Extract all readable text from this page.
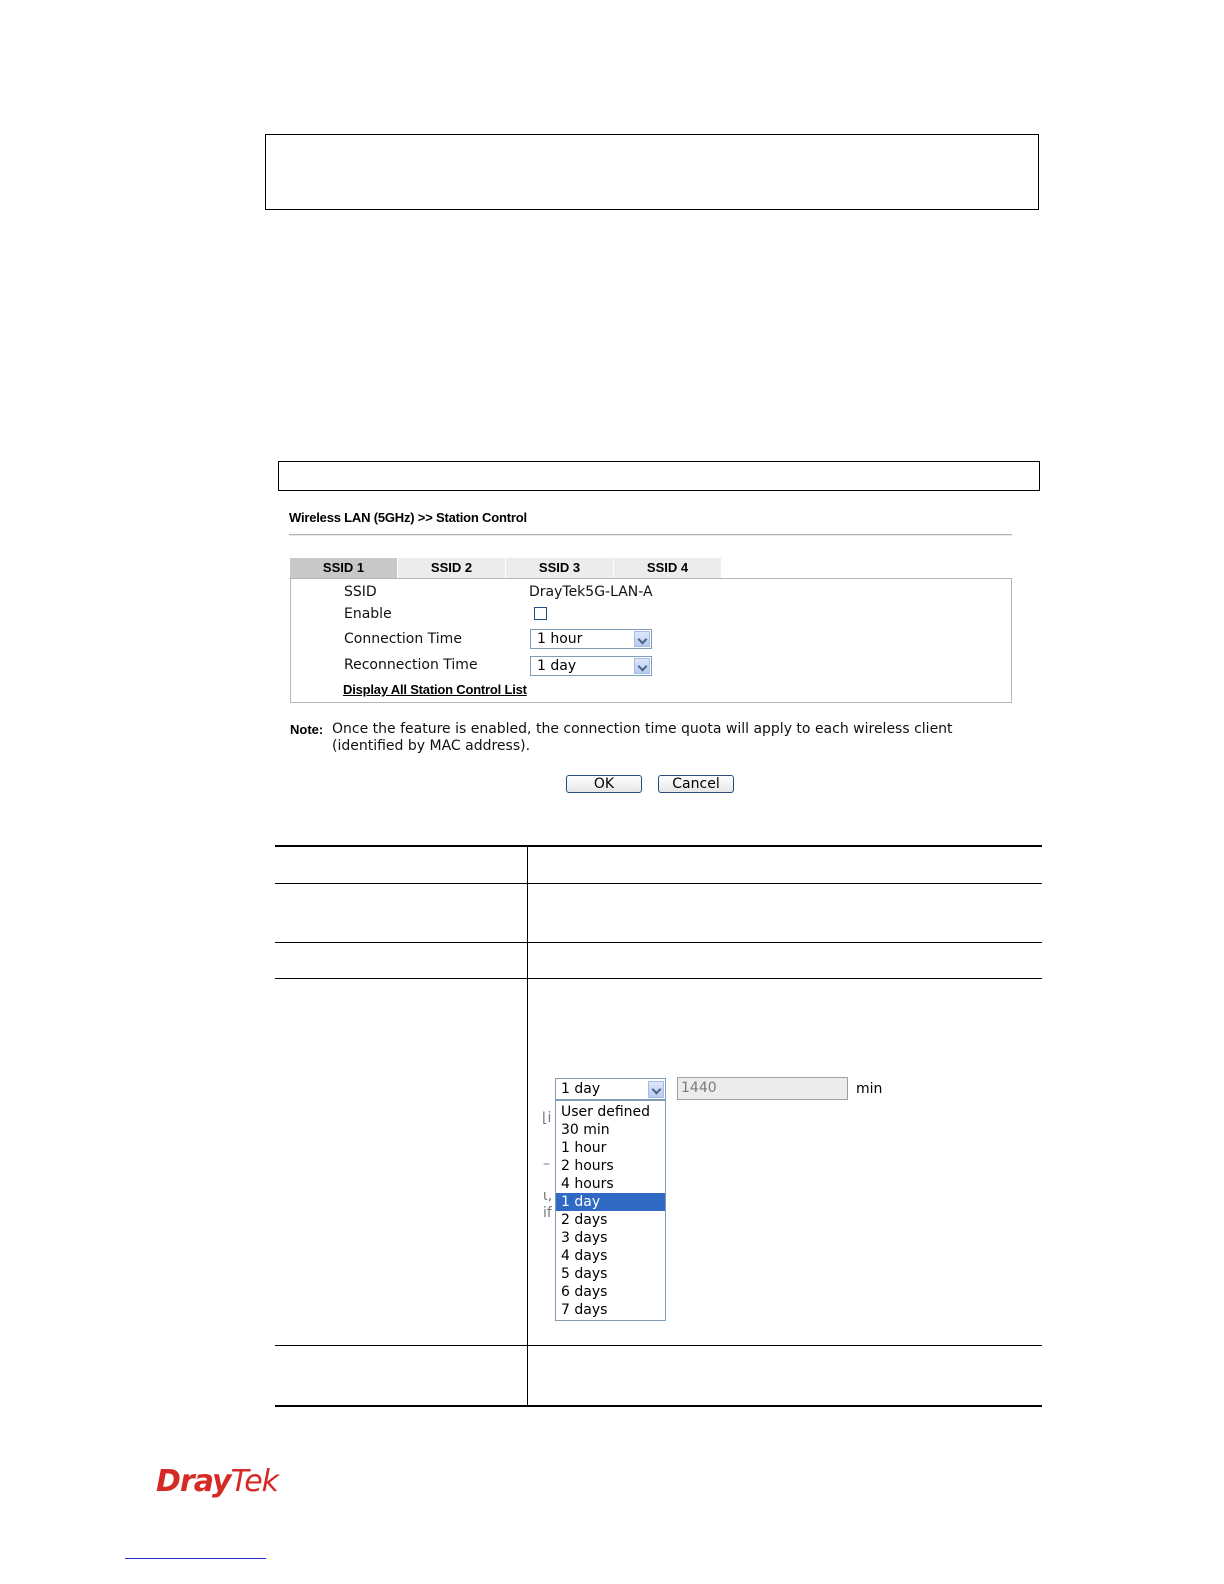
Wireless LAN (5GHz) >> Station Control
SSID 1	SSID 2	SSID 3	SSID 4
SSID	DrayTek5G-LAN-A
Enable
Connection Time	1 hour
Reconnection Time	1 day
Display All Station Control List
Note: Once the feature is enabled, the connection time quota will apply to each wireless client (identified by MAC address).
OK	Cancel
⌊i
–
ι,
if
1 day	1440	min
User defined
30 min
1 hour
2 hours
4 hours
1 day
2 days
3 days
4 days
5 days
6 days
7 days
DrayTek
